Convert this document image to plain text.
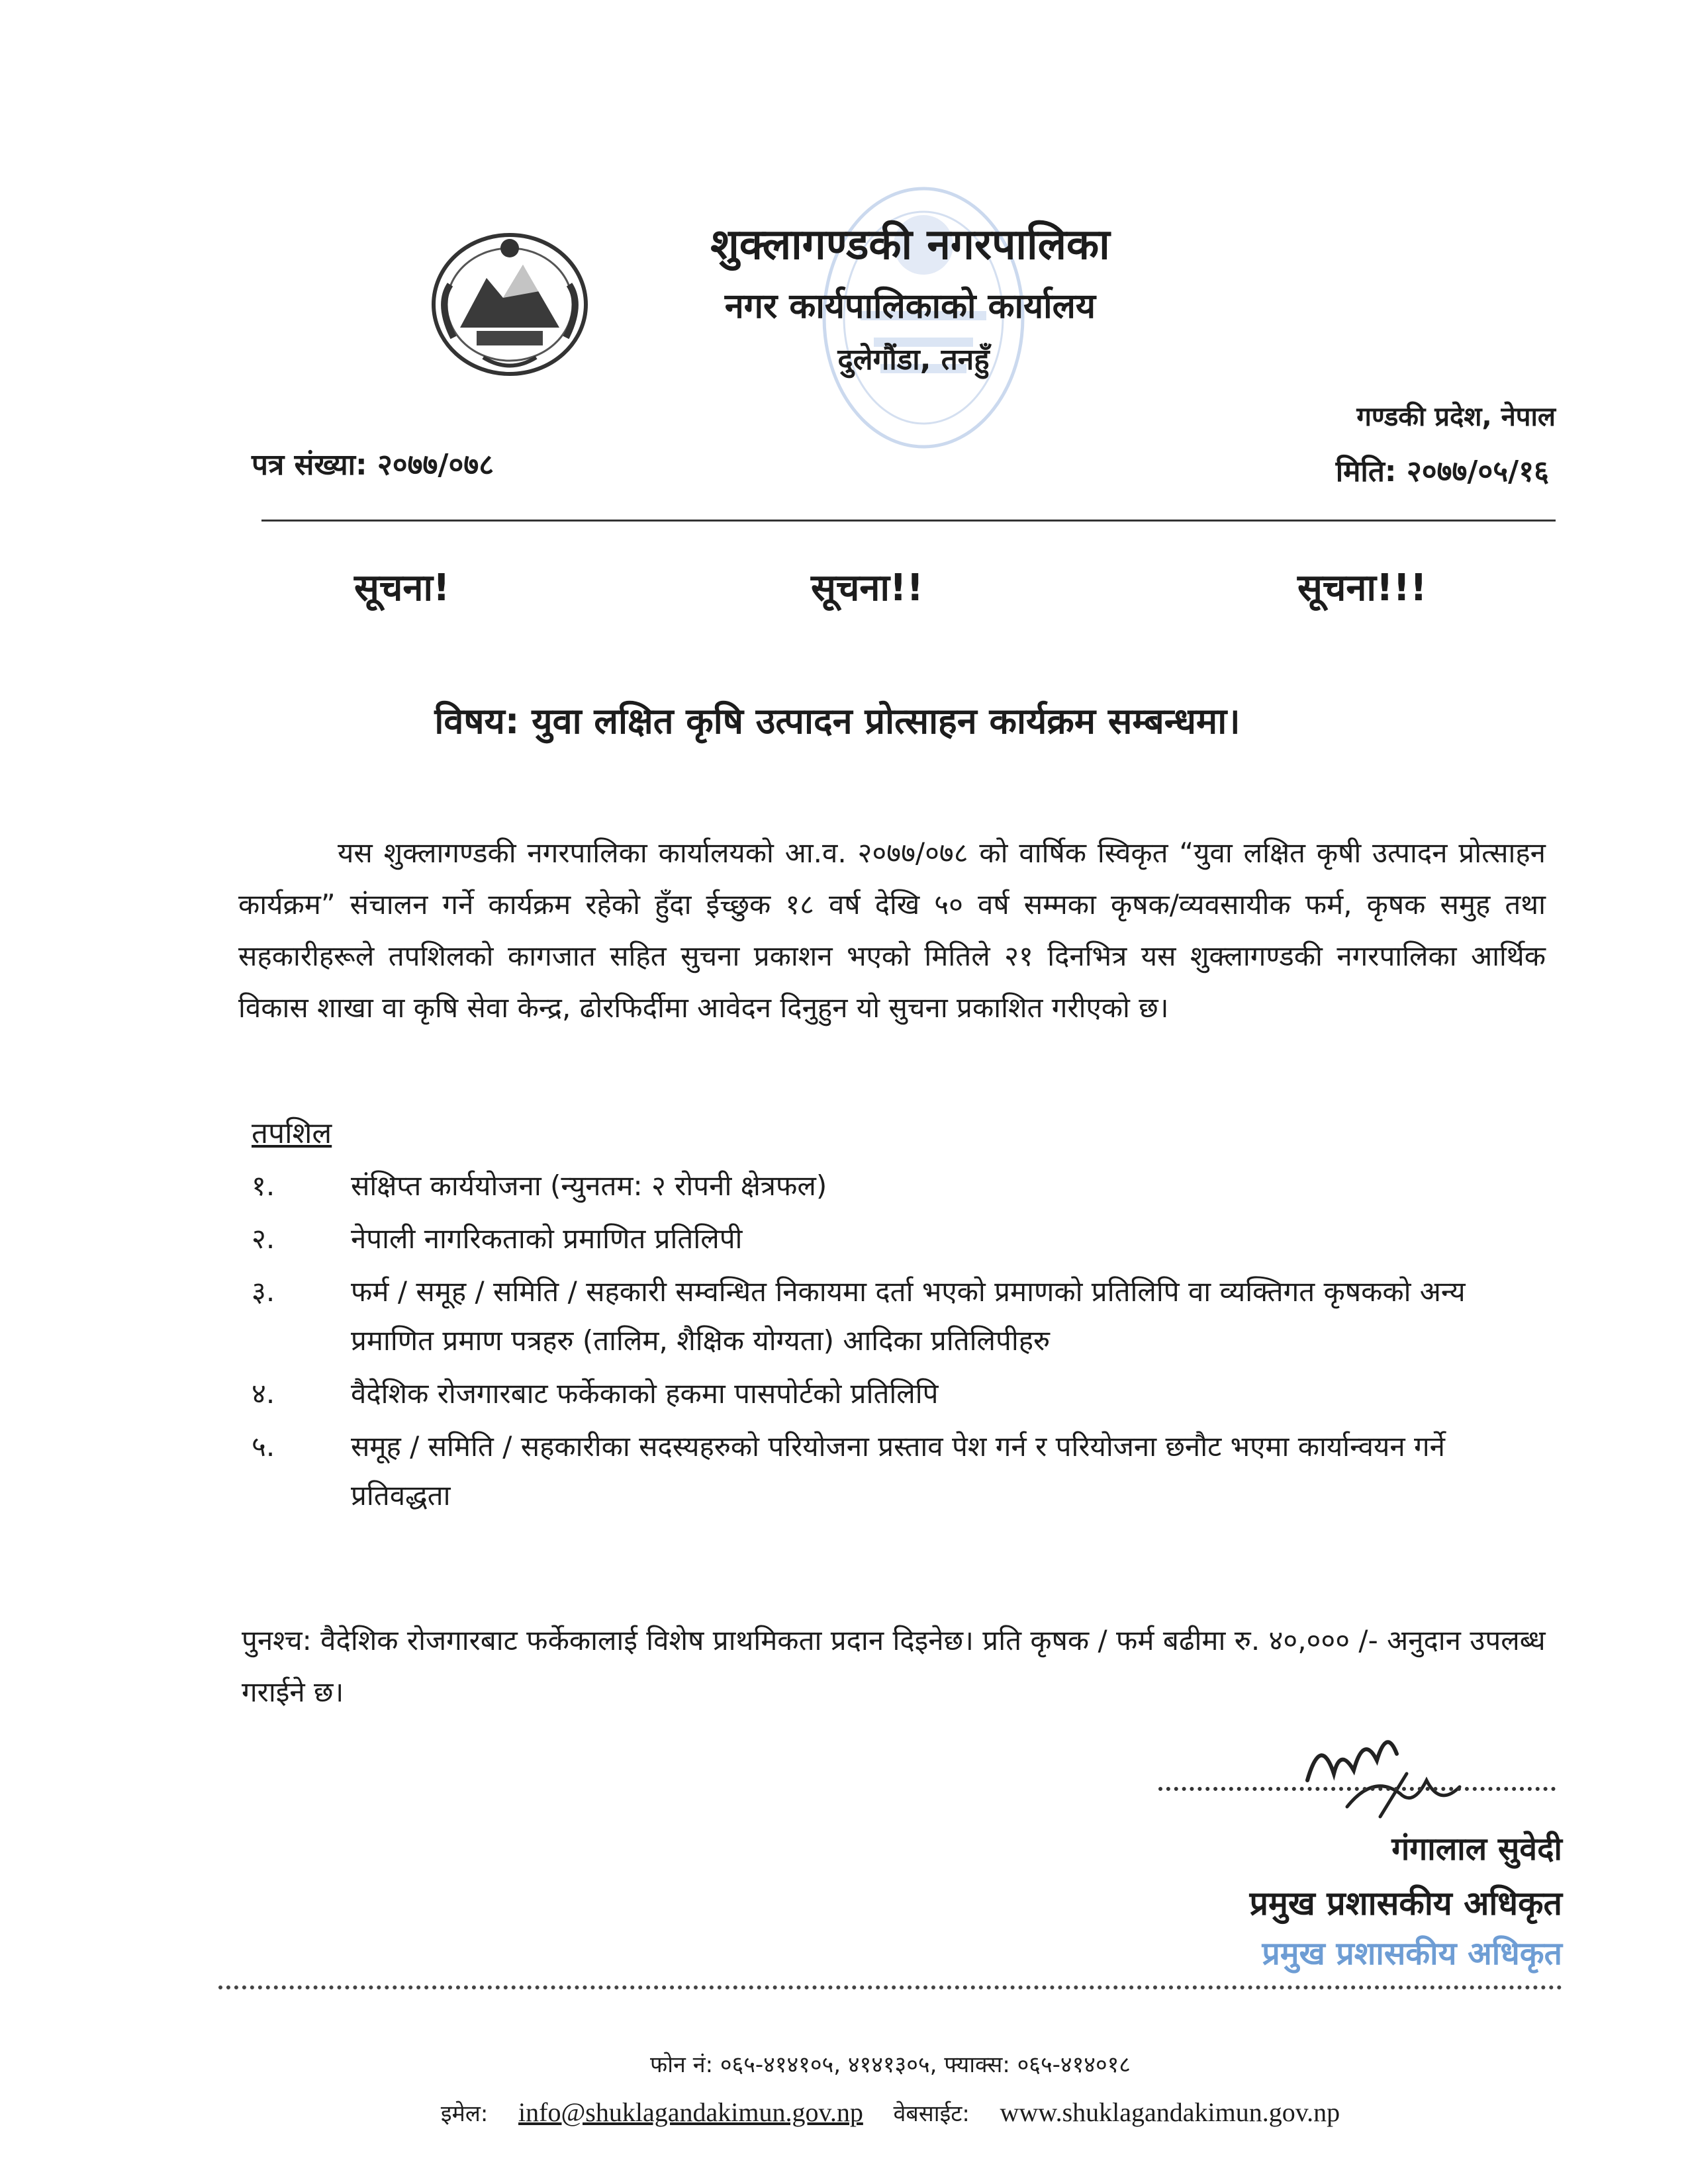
शुक्लागण्डकी नगरपालिका
नगर कार्यपालिकाको कार्यालय
दुलेगौंडा, तनहुँ
गण्डकी प्रदेश, नेपाल
पत्र संख्या: २०७७/०७८	मिति: २०७७/०५/१६
सूचना!	सूचना!!	सूचना!!!
विषय: युवा लक्षित कृषि उत्पादन प्रोत्साहन कार्यक्रम सम्बन्धमा।
यस शुक्लागण्डकी नगरपालिका कार्यालयको आ.व. २०७७/०७८ को वार्षिक स्विकृत “युवा लक्षित कृषी उत्पादन प्रोत्साहन कार्यक्रम” संचालन गर्ने कार्यक्रम रहेको हुँदा ईच्छुक १८ वर्ष देखि ५० वर्ष सम्मका कृषक/व्यवसायीक फर्म, कृषक समुह तथा सहकारीहरूले तपशिलको कागजात सहित सुचना प्रकाशन भएको मितिले २१ दिनभित्र यस शुक्लागण्डकी नगरपालिका आर्थिक विकास शाखा वा कृषि सेवा केन्द्र, ढोरफिर्दीमा आवेदन दिनुहुन यो सुचना प्रकाशित गरीएको छ।
तपशिल
१.	संक्षिप्त कार्ययोजना (न्युनतम: २ रोपनी क्षेत्रफल)
२.	नेपाली नागरिकताको प्रमाणित प्रतिलिपी
३.	फर्म / समूह / समिति / सहकारी सम्वन्धित निकायमा दर्ता भएको प्रमाणको प्रतिलिपि वा व्यक्तिगत कृषकको अन्य प्रमाणित प्रमाण पत्रहरु (तालिम, शैक्षिक योग्यता) आदिका प्रतिलिपीहरु
४.	वैदेशिक रोजगारबाट फर्केकाको हकमा पासपोर्टको प्रतिलिपि
५.	समूह / समिति / सहकारीका सदस्यहरुको परियोजना प्रस्ताव पेश गर्न र परियोजना छनौट भएमा कार्यान्वयन गर्ने प्रतिवद्धता
पुनश्च: वैदेशिक रोजगारबाट फर्केकालाई विशेष प्राथमिकता प्रदान दिइनेछ। प्रति कृषक / फर्म बढीमा रु. ४०,००० /- अनुदान उपलब्ध गराईने छ।
गंगालाल सुवेदी
प्रमुख प्रशासकीय अधिकृत
प्रमुख प्रशासकीय अधिकृत
फोन नं: ०६५-४१४१०५, ४१४१३०५, फ्याक्स: ०६५-४१४०१८
इमेल: info@shuklagandakimun.gov.np वेबसाईट: www.shuklagandakimun.gov.np
